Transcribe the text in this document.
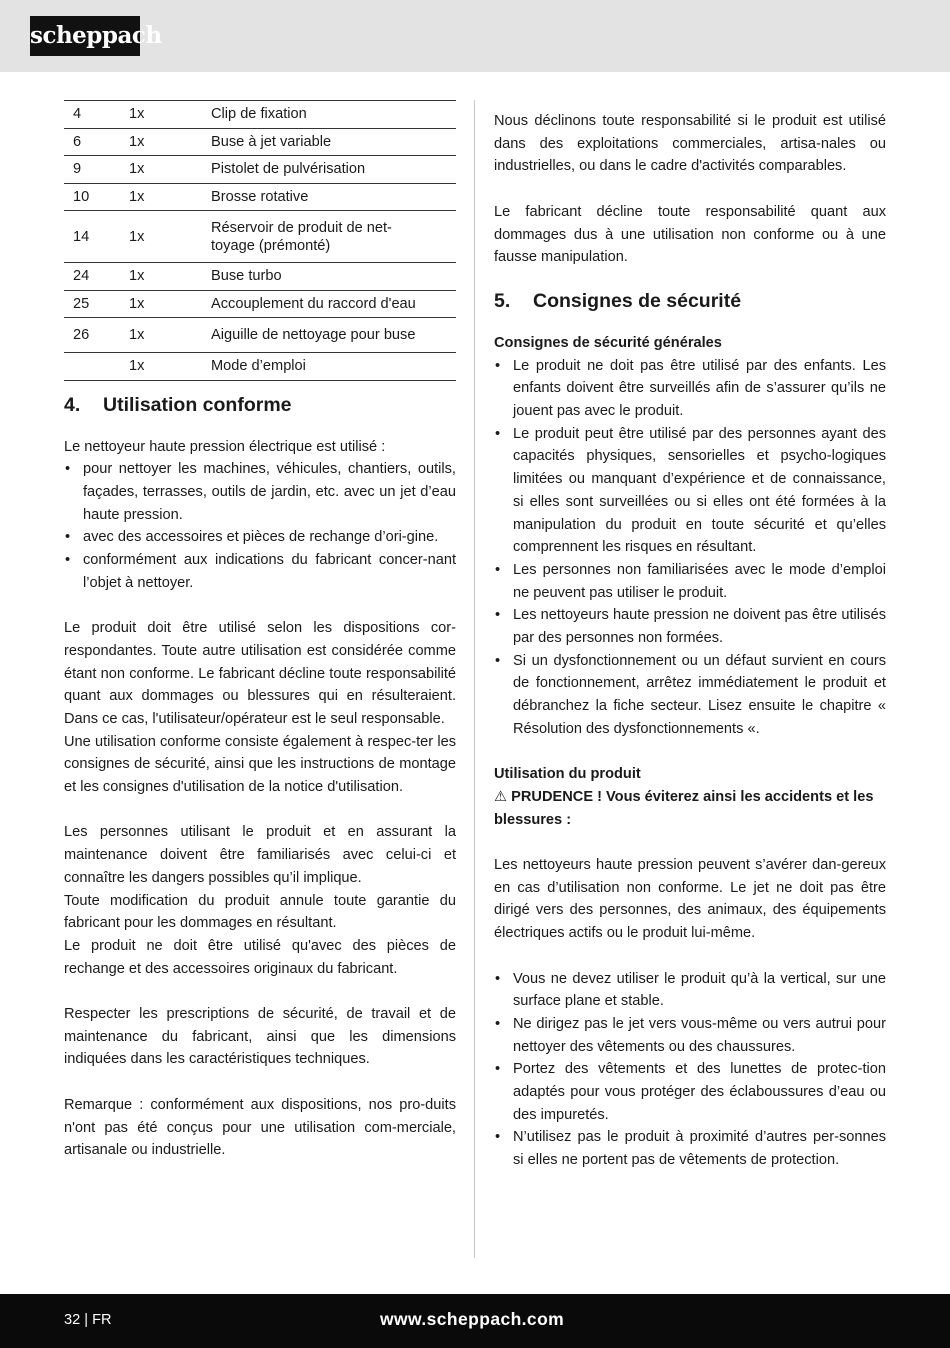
scheppach
4	1x	Clip de fixation
6	1x	Buse à jet variable
9	1x	Pistolet de pulvérisation
10	1x	Brosse rotative
14	1x	Réservoir de produit de net-toyage (prémonté)
24	1x	Buse turbo
25	1x	Accouplement du raccord d'eau
26	1x	Aiguille de nettoyage pour buse
	1x	Mode d’emploi
4. Utilisation conforme

Le nettoyeur haute pression électrique est utilisé :

• pour nettoyer les machines, véhicules, chantiers, outils, façades, terrasses, outils de jardin, etc. avec un jet d’eau haute pression.
• avec des accessoires et pièces de rechange d’ori-gine.
• conformément aux indications du fabricant concer-nant l’objet à nettoyer.

Le produit doit être utilisé selon les dispositions cor-respondantes. Toute autre utilisation est considérée comme étant non conforme. Le fabricant décline toute responsabilité quant aux dommages ou blessures qui en résulteraient. Dans ce cas, l'utilisateur/opérateur est le seul responsable.

Une utilisation conforme consiste également à respec-ter les consignes de sécurité, ainsi que les instructions de montage et les consignes d'utilisation de la notice d'utilisation.

Les personnes utilisant le produit et en assurant la maintenance doivent être familiarisés avec celui-ci et connaître les dangers possibles qu’il implique.

Toute modification du produit annule toute garantie du fabricant pour les dommages en résultant.

Le produit ne doit être utilisé qu'avec des pièces de rechange et des accessoires originaux du fabricant.

Respecter les prescriptions de sécurité, de travail et de maintenance du fabricant, ainsi que les dimensions indiquées dans les caractéristiques techniques.

Remarque : conformément aux dispositions, nos pro-duits n'ont pas été conçus pour une utilisation com-merciale, artisanale ou industrielle.

Nous déclinons toute responsabilité si le produit est utilisé dans des exploitations commerciales, artisa-nales ou industrielles, ou dans le cadre d'activités comparables.

Le fabricant décline toute responsabilité quant aux dommages dus à une utilisation non conforme ou à une fausse manipulation.

5. Consignes de sécurité
Consignes de sécurité générales
• Le produit ne doit pas être utilisé par des enfants. Les enfants doivent être surveillés afin de s’assurer qu’ils ne jouent pas avec le produit.
• Le produit peut être utilisé par des personnes ayant des capacités physiques, sensorielles et psycho-logiques limitées ou manquant d’expérience et de connaissance, si elles sont surveillées ou si elles ont été formées à la manipulation du produit en toute sécurité et qu’elles comprennent les risques en résultant.
• Les personnes non familiarisées avec le mode d’emploi ne peuvent pas utiliser le produit.
• Les nettoyeurs haute pression ne doivent pas être utilisés par des personnes non formées.
• Si un dysfonctionnement ou un défaut survient en cours de fonctionnement, arrêtez immédiatement le produit et débranchez la fiche secteur. Lisez ensuite le chapitre « Résolution des dysfonctionnements «.
Utilisation du produit

⚠ PRUDENCE ! Vous éviterez ainsi les accidents et les blessures :

Les nettoyeurs haute pression peuvent s’avérer dan-gereux en cas d’utilisation non conforme. Le jet ne doit pas être dirigé vers des personnes, des animaux, des équipements électriques actifs ou le produit lui-même.

• Vous ne devez utiliser le produit qu’à la vertical, sur une surface plane et stable.
• Ne dirigez pas le jet vers vous-même ou vers autrui pour nettoyer des vêtements ou des chaussures.
• Portez des vêtements et des lunettes de protec-tion adaptés pour vous protéger des éclaboussures d’eau ou des impuretés.
• N’utilisez pas le produit à proximité d’autres per-sonnes si elles ne portent pas de vêtements de protection.
32 | FR	www.scheppach.com
